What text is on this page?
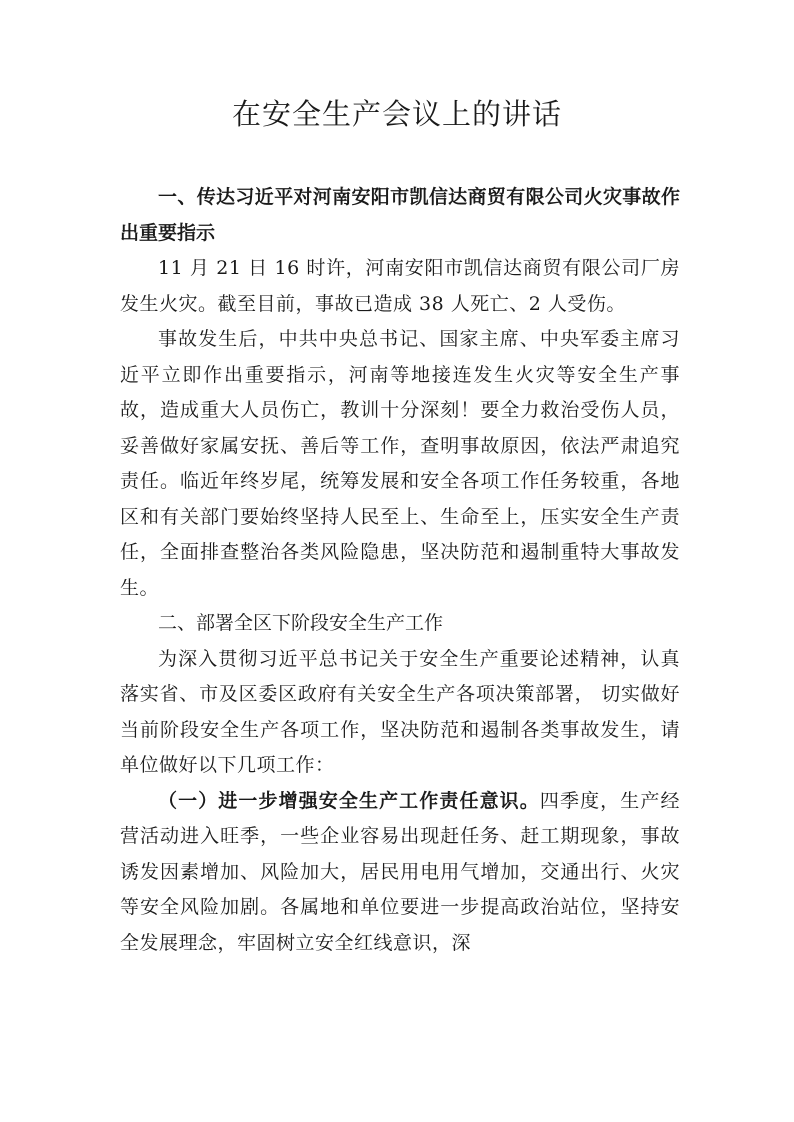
在安全生产会议上的讲话

一、传达习近平对河南安阳市凯信达商贸有限公司火灾事故作出重要指示

11 月 21 日 16 时许，河南安阳市凯信达商贸有限公司厂房发生火灾。截至目前，事故已造成 38 人死亡、2 人受伤。

事故发生后，中共中央总书记、国家主席、中央军委主席习近平立即作出重要指示，河南等地接连发生火灾等安全生产事故，造成重大人员伤亡，教训十分深刻！要全力救治受伤人员，妥善做好家属安抚、善后等工作，查明事故原因，依法严肃追究责任。临近年终岁尾，统筹发展和安全各项工作任务较重，各地区和有关部门要始终坚持人民至上、生命至上，压实安全生产责任，全面排查整治各类风险隐患，坚决防范和遏制重特大事故发生。

二、部署全区下阶段安全生产工作

为深入贯彻习近平总书记关于安全生产重要论述精神，认真落实省、市及区委区政府有关安全生产各项决策部署， 切实做好当前阶段安全生产各项工作，坚决防范和遏制各类事故发生，请单位做好以下几项工作：

（一）进一步增强安全生产工作责任意识。四季度，生产经营活动进入旺季，一些企业容易出现赶任务、赶工期现象，事故诱发因素增加、风险加大，居民用电用气增加，交通出行、火灾等安全风险加剧。各属地和单位要进一步提高政治站位，坚持安全发展理念，牢固树立安全红线意识，深
